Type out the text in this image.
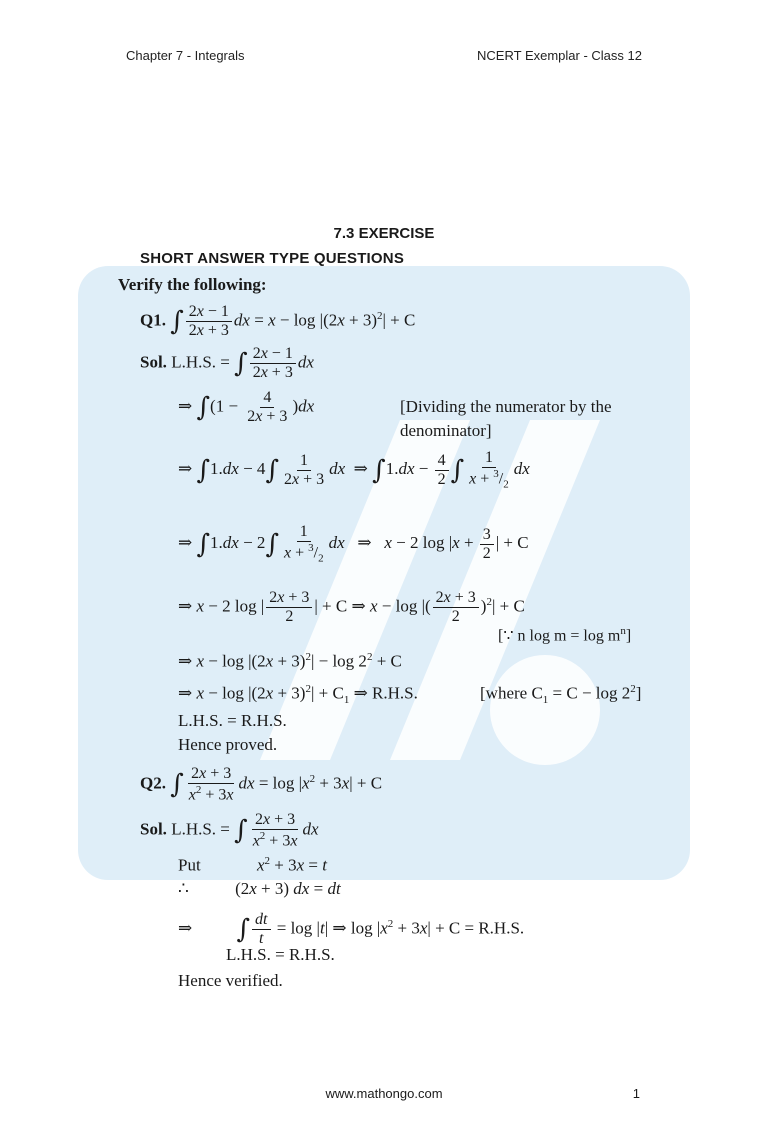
Chapter 7 - Integrals	NCERT Exemplar - Class 12
7.3 EXERCISE
SHORT ANSWER TYPE QUESTIONS
Verify the following:
Q1. ∫ $\frac{2x - 1}{2x + 3}$ dx = $x - \log |(2x + 3)^2| + C$
Sol. L.H.S. = ∫ $\frac{2x - 1}{2x + 3}$ dx
⇒ $\int(1 - \frac{4}{2x + 3} )dx$	[Dividing the numerator by the
denominator]
⇒ $\int 1.dx - 4\int \frac{1}{2x + 3}$ dx  ⇒ $\int 1.dx - \frac{4}{2}$ ∫ $\frac{1}{x + ^3/_2}$ dx
⇒ $\int 1.dx - 2\int \frac{1}{x + ^3/_2}$ dx   ⇒   x − 2 $\log |x + \frac{3}{2}$ | + C
⇒ x − 2 log | $\frac{2x + 3}{2}$ | + C ⇒ x − log |( $\frac{2x + 3}{2} )^2| + C$
[∵ n $\log m = \log m^n$]
⇒ $x - \log |(2x + 3)^2| - \log 2^2 + C$
⇒ $x - \log |(2x + 3)^2| + C_1$ ⇒ R.H.S.	[where $C_1 = C - \log 2^2$]
L.H.S. = R.H.S.
Hence proved.
Q2. ∫ $\frac{2x + 3}{x^2 + 3x}$ dx = $\log |x^2 + 3x| + C$
Sol. L.H.S. = ∫ $\frac{2x + 3}{x^2 + 3x}$ dx
Put	$x^2 + 3x = t$
∴	(2x + 3) dx = dt
⇒ ∫ $\frac{dt}{t} = \log |t|$ ⇒ $\log |x^2 + 3x| + C = R.H.S$.
L.H.S. = R.H.S.
Hence verified.
www.mathongo.com	1
